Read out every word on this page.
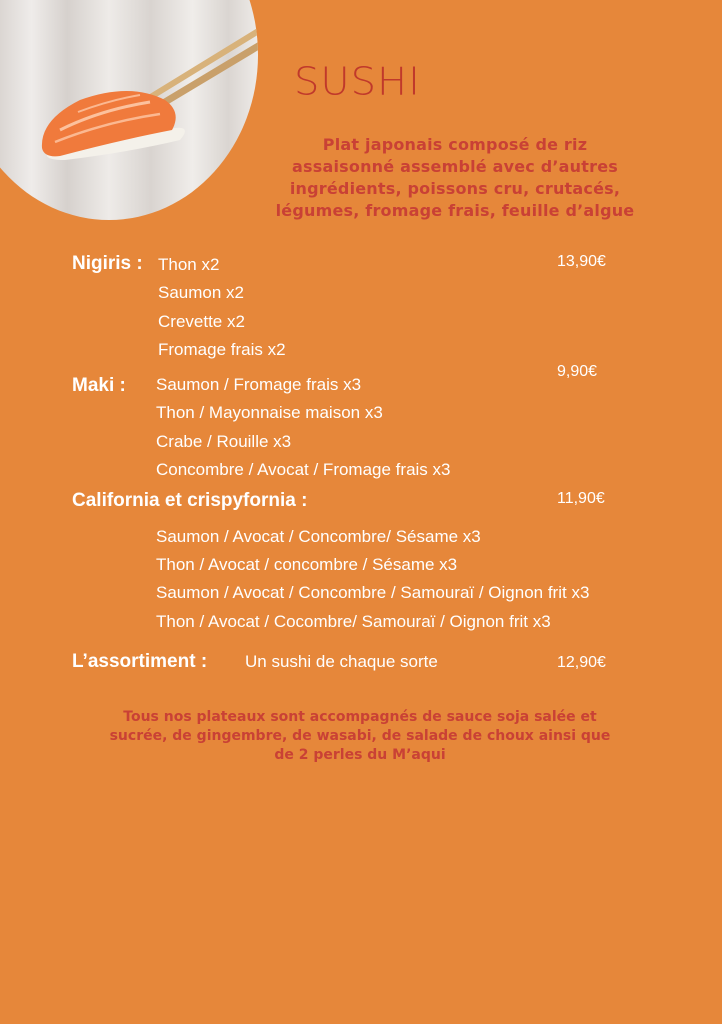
SUSHI

Plat japonais composé de riz
assaisonné assemblé avec d’autres
ingrédients, poissons cru, crutacés,
légumes, fromage frais, feuille d’algue

Nigiris : Thon x2
Saumon x2
Crevette x2
Fromage frais x2
13,90€
Maki : Saumon / Fromage frais x3
Thon / Mayonnaise maison x3
Crabe / Rouille x3
Concombre / Avocat / Fromage frais x3
9,90€
California et crispyfornia :
Saumon / Avocat / Concombre/ Sésame x3
Thon / Avocat / concombre / Sésame x3
Saumon / Avocat / Concombre / Samouraï / Oignon frit x3
Thon / Avocat / Cocombre/ Samouraï / Oignon frit x3
11,90€
L’assortiment : Un sushi de chaque sorte	12,90€

Tous nos plateaux sont accompagnés de sauce soja salée et
sucrée, de gingembre, de wasabi, de salade de choux ainsi que
de 2 perles du M’aqui
